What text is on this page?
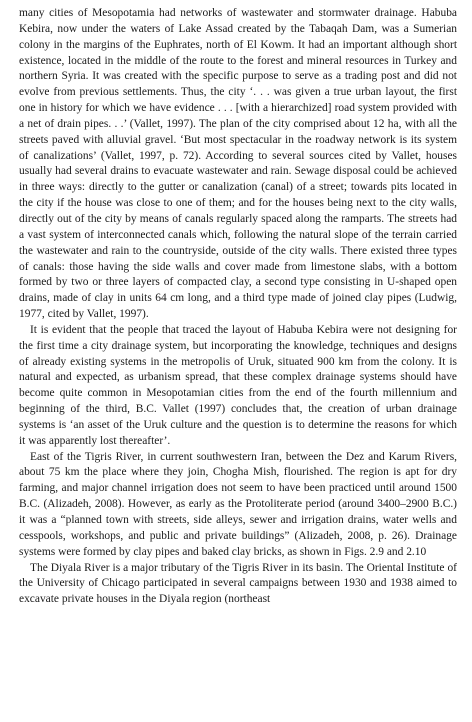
many cities of Mesopotamia had networks of wastewater and stormwater drainage. Habuba Kebira, now under the waters of Lake Assad created by the Tabaqah Dam, was a Sumerian colony in the margins of the Euphrates, north of El Kowm. It had an important although short existence, located in the middle of the route to the forest and mineral resources in Turkey and northern Syria. It was created with the specific purpose to serve as a trading post and did not evolve from previous settlements. Thus, the city ‘. . . was given a true urban layout, the first one in history for which we have evidence . . . [with a hierarchized] road system provided with a net of drain pipes. . .’ (Vallet, 1997). The plan of the city comprised about 12 ha, with all the streets paved with alluvial gravel. ‘But most spectacular in the roadway network is its system of canalizations’ (Vallet, 1997, p. 72). According to several sources cited by Vallet, houses usually had several drains to evacuate wastewater and rain. Sewage disposal could be achieved in three ways: directly to the gutter or canalization (canal) of a street; towards pits located in the city if the house was close to one of them; and for the houses being next to the city walls, directly out of the city by means of canals regularly spaced along the ramparts. The streets had a vast system of interconnected canals which, following the natural slope of the terrain carried the wastewater and rain to the countryside, outside of the city walls. There existed three types of canals: those having the side walls and cover made from limestone slabs, with a bottom formed by two or three layers of compacted clay, a second type consisting in U-shaped open drains, made of clay in units 64 cm long, and a third type made of joined clay pipes (Ludwig, 1977, cited by Vallet, 1997).

It is evident that the people that traced the layout of Habuba Kebira were not designing for the first time a city drainage system, but incorporating the knowledge, techniques and designs of already existing systems in the metropolis of Uruk, situated 900 km from the colony. It is natural and expected, as urbanism spread, that these complex drainage systems should have become quite common in Mesopotamian cities from the end of the fourth millennium and beginning of the third, B.C. Vallet (1997) concludes that, the creation of urban drainage systems is ‘an asset of the Uruk culture and the question is to determine the reasons for which it was apparently lost thereafter’.

East of the Tigris River, in current southwestern Iran, between the Dez and Karum Rivers, about 75 km the place where they join, Chogha Mish, flourished. The region is apt for dry farming, and major channel irrigation does not seem to have been practiced until around 1500 B.C. (Alizadeh, 2008). However, as early as the Protoliterate period (around 3400–2900 B.C.) it was a “planned town with streets, side alleys, sewer and irrigation drains, water wells and cesspools, workshops, and public and private buildings” (Alizadeh, 2008, p. 26). Drainage systems were formed by clay pipes and baked clay bricks, as shown in Figs. 2.9 and 2.10

The Diyala River is a major tributary of the Tigris River in its basin. The Oriental Institute of the University of Chicago participated in several campaigns between 1930 and 1938 aimed to excavate private houses in the Diyala region (northeast
